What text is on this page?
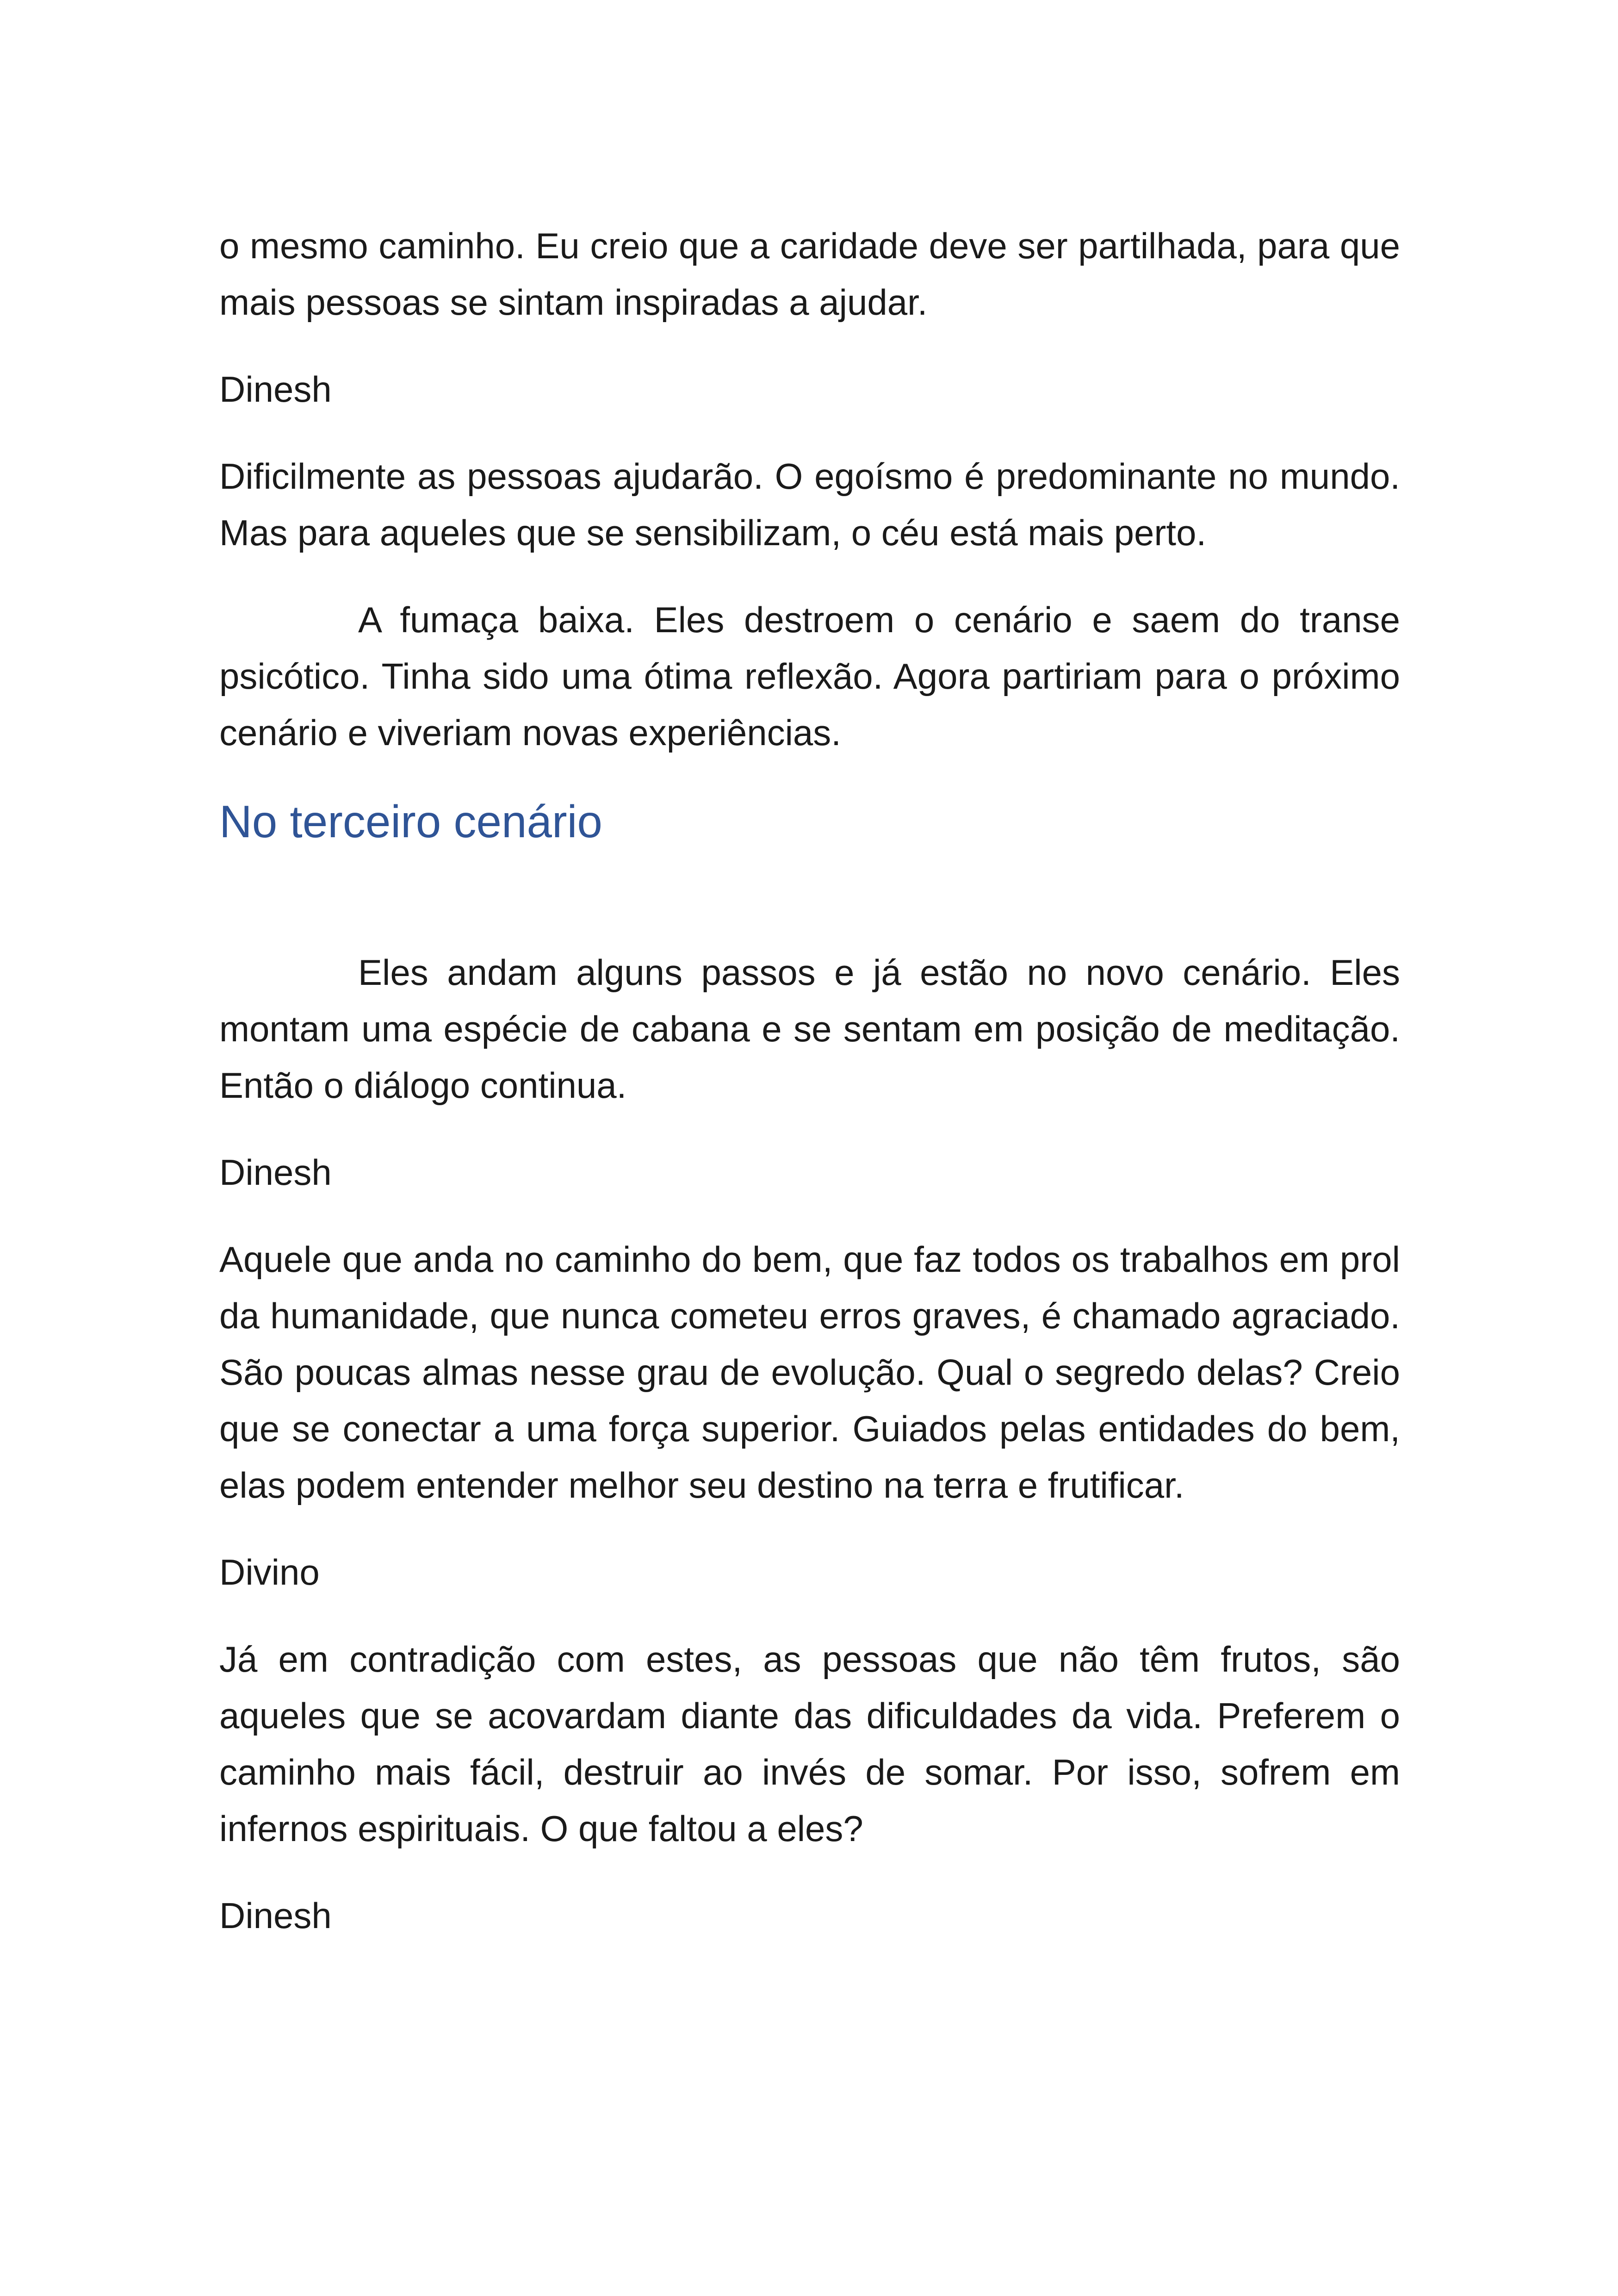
o mesmo caminho. Eu creio que a caridade deve ser partilhada, para que mais pessoas se sintam inspiradas a ajudar.

Dinesh

Dificilmente as pessoas ajudarão. O egoísmo é predominante no mundo. Mas para aqueles que se sensibilizam, o céu está mais perto.

A fumaça baixa. Eles destroem o cenário e saem do transe psicótico. Tinha sido uma ótima reflexão. Agora partiriam para o próximo cenário e viveriam novas experiências.

No terceiro cenário

Eles andam alguns passos e já estão no novo cenário. Eles montam uma espécie de cabana e se sentam em posição de meditação. Então o diálogo continua.

Dinesh

Aquele que anda no caminho do bem, que faz todos os trabalhos em prol da humanidade, que nunca cometeu erros graves, é chamado agraciado. São poucas almas nesse grau de evolução. Qual o segredo delas? Creio que se conectar a uma força superior. Guiados pelas entidades do bem, elas podem entender melhor seu destino na terra e frutificar.

Divino

Já em contradição com estes, as pessoas que não têm frutos, são aqueles que se acovardam diante das dificuldades da vida. Preferem o caminho mais fácil, destruir ao invés de somar. Por isso, sofrem em infernos espirituais. O que faltou a eles?

Dinesh
